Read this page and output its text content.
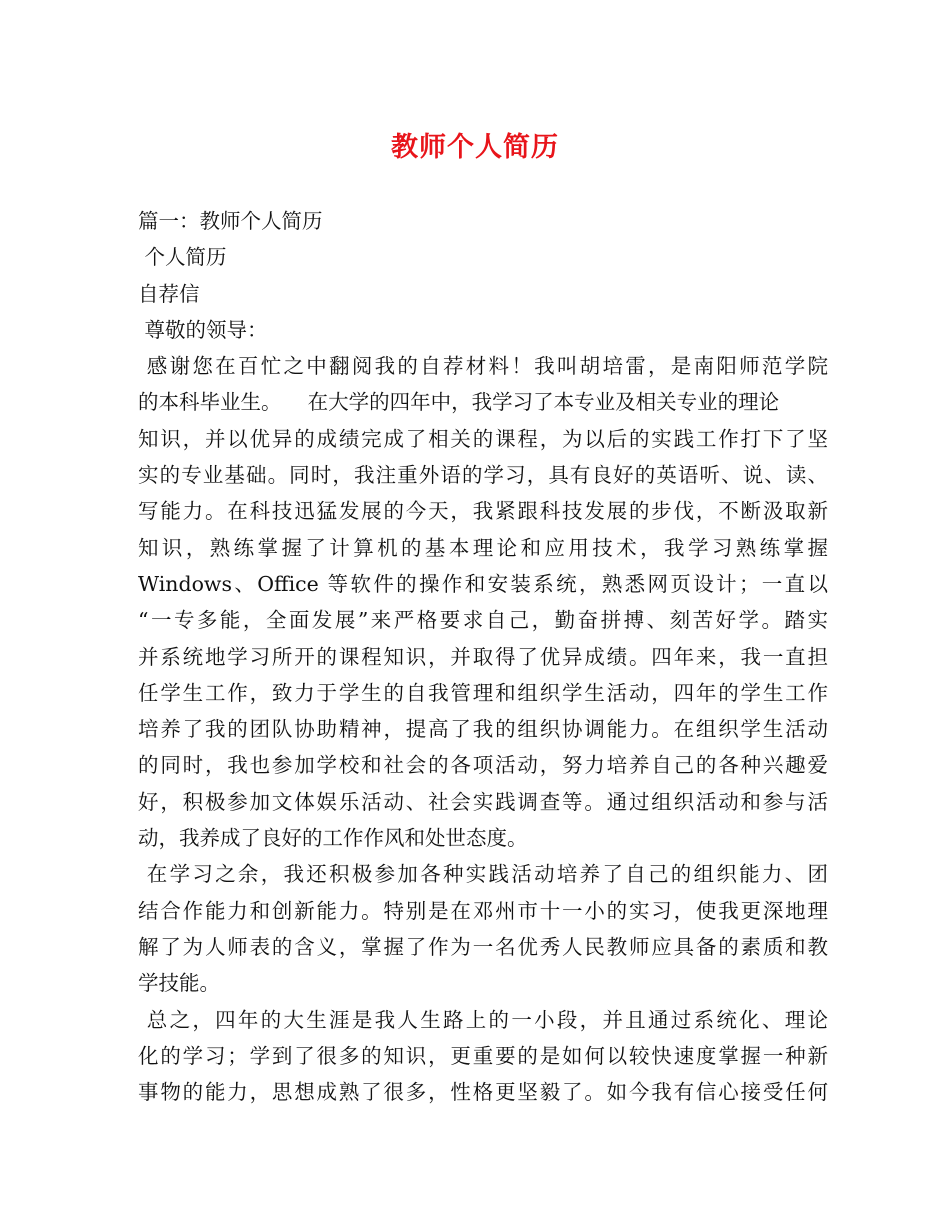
教师个人简历
篇一：教师个人简历
个人简历
自荐信
尊敬的领导：
感谢您在百忙之中翻阅我的自荐材料！我叫胡培雷，是南阳师范学院
的本科毕业生。    在大学的四年中，我学习了本专业及相关专业的理论
知识，并以优异的成绩完成了相关的课程，为以后的实践工作打下了坚
实的专业基础。同时，我注重外语的学习，具有良好的英语听、说、读、
写能力。在科技迅猛发展的今天，我紧跟科技发展的步伐，不断汲取新
知识，熟练掌握了计算机的基本理论和应用技术，我学习熟练掌握
Windows、Office 等软件的操作和安装系统，熟悉网页设计；一直以
“一专多能，全面发展”来严格要求自己，勤奋拼搏、刻苦好学。踏实
并系统地学习所开的课程知识，并取得了优异成绩。四年来，我一直担
任学生工作，致力于学生的自我管理和组织学生活动，四年的学生工作
培养了我的团队协助精神，提高了我的组织协调能力。在组织学生活动
的同时，我也参加学校和社会的各项活动，努力培养自己的各种兴趣爱
好，积极参加文体娱乐活动、社会实践调查等。通过组织活动和参与活
动，我养成了良好的工作作风和处世态度。
在学习之余，我还积极参加各种实践活动培养了自己的组织能力、团
结合作能力和创新能力。特别是在邓州市十一小的实习，使我更深地理
解了为人师表的含义，掌握了作为一名优秀人民教师应具备的素质和教
学技能。
总之，四年的大生涯是我人生路上的一小段，并且通过系统化、理论
化的学习；学到了很多的知识，更重要的是如何以较快速度掌握一种新
事物的能力，思想成熟了很多，性格更坚毅了。如今我有信心接受任何
